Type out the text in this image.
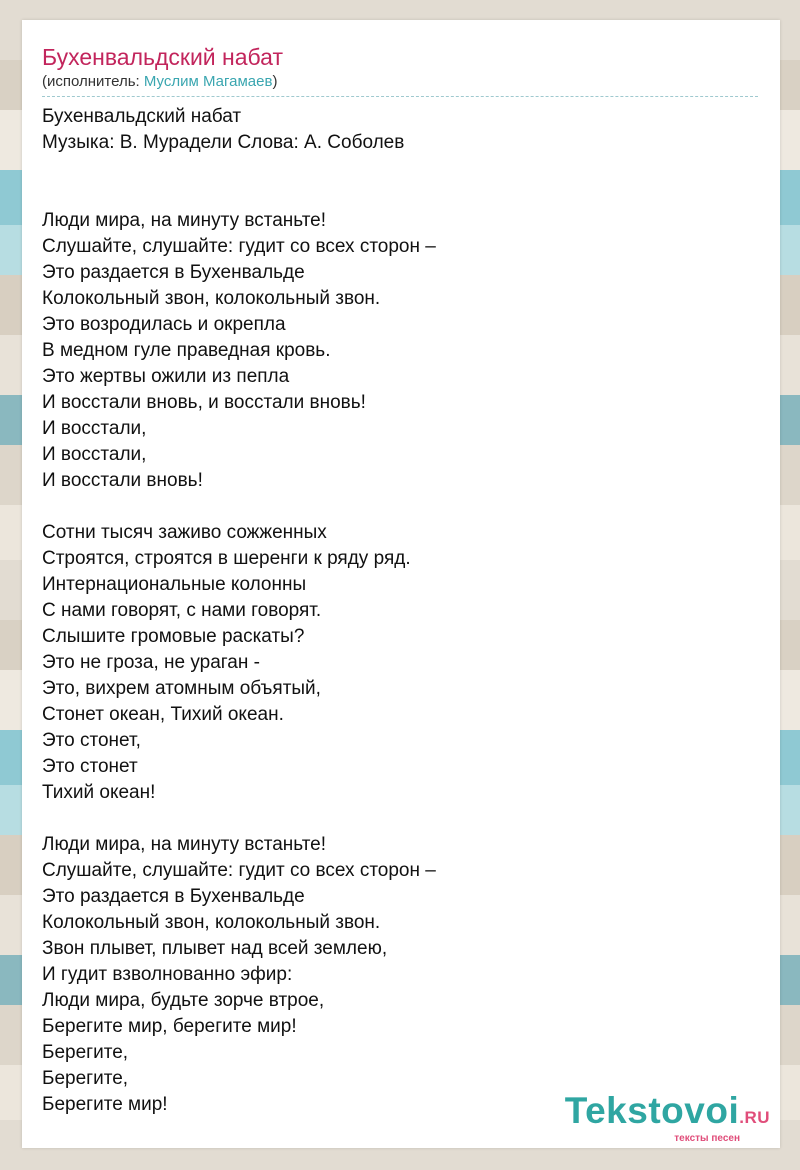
Бухенвальдский набат
(исполнитель: Муслим Магамаев)
Бухенвальдский набат
Музыка: В. Мурадели Слова: А. Соболев
Люди мира, на минуту встаньте!
Слушайте, слушайте: гудит со всех сторон –
Это раздается в Бухенвальде
Колокольный звон, колокольный звон.
Это возродилась и окрепла
В медном гуле праведная кровь.
Это жертвы ожили из пепла
И восстали вновь, и восстали вновь!
И восстали,
И восстали,
И восстали вновь!
Сотни тысяч заживо сожженных
Строятся, строятся в шеренги к ряду ряд.
Интернациональные колонны
С нами говорят, с нами говорят.
Слышите громовые раскаты?
Это не гроза, не ураган -
Это, вихрем атомным объятый,
Стонет океан, Тихий океан.
Это стонет,
Это стонет
Тихий океан!
Люди мира, на минуту встаньте!
Слушайте, слушайте: гудит со всех сторон –
Это раздается в Бухенвальде
Колокольный звон, колокольный звон.
Звон плывет, плывет над всей землею,
И гудит взволнованно эфир:
Люди мира, будьте зорче втрое,
Берегите мир, берегите мир!
Берегите,
Берегите,
Берегите мир!	Tekstovoi.RU
тексты песен
